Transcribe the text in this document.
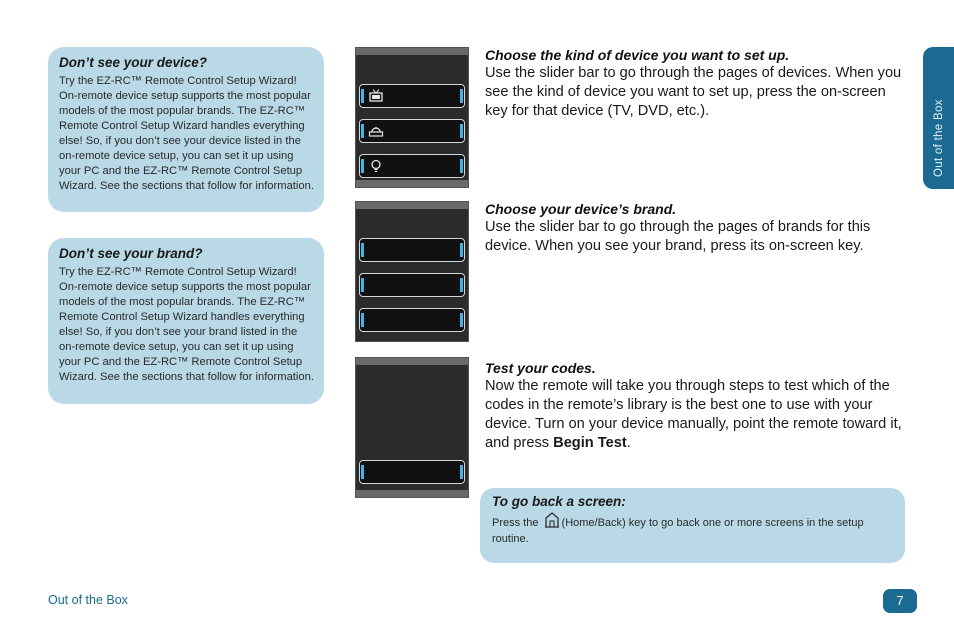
Don’t see your device?

Try the EZ-RC™ Remote Control Setup Wizard! On-remote device setup supports the most popular models of the most popular brands. The EZ-RC™ Remote Control Setup Wizard handles everything else! So, if you don’t see your device listed in the on-remote device setup, you can set it up using your PC and the EZ-RC™ Remote Control Setup Wizard. See the sections that follow for information.

Don’t see your brand?

Try the EZ-RC™ Remote Control Setup Wizard! On-remote device setup supports the most popular models of the most popular brands. The EZ-RC™ Remote Control Setup Wizard handles everything else! So, if you don’t see your brand listed in the on-remote device setup, you can set it up using your PC and the EZ-RC™ Remote Control Setup Wizard. See the sections that follow for information.

Choose the kind of device you want to set up.

Use the slider bar to go through the pages of devices. When you see the kind of device you want to set up, press the on-screen key for that device (TV, DVD, etc.).

Choose your device’s brand.

Use the slider bar to go through the pages of brands for this device. When you see your brand, press its on-screen key.

Test your codes.

Now the remote will take you through steps to test which of the codes in the remote’s library is the best one to use with your device. Turn on your device manually, point the remote toward it, and press Begin Test.

To go back a screen:

Press the (Home/Back) key to go back one or more screens in the setup routine.

Out of the Box
Out of the Box	7
